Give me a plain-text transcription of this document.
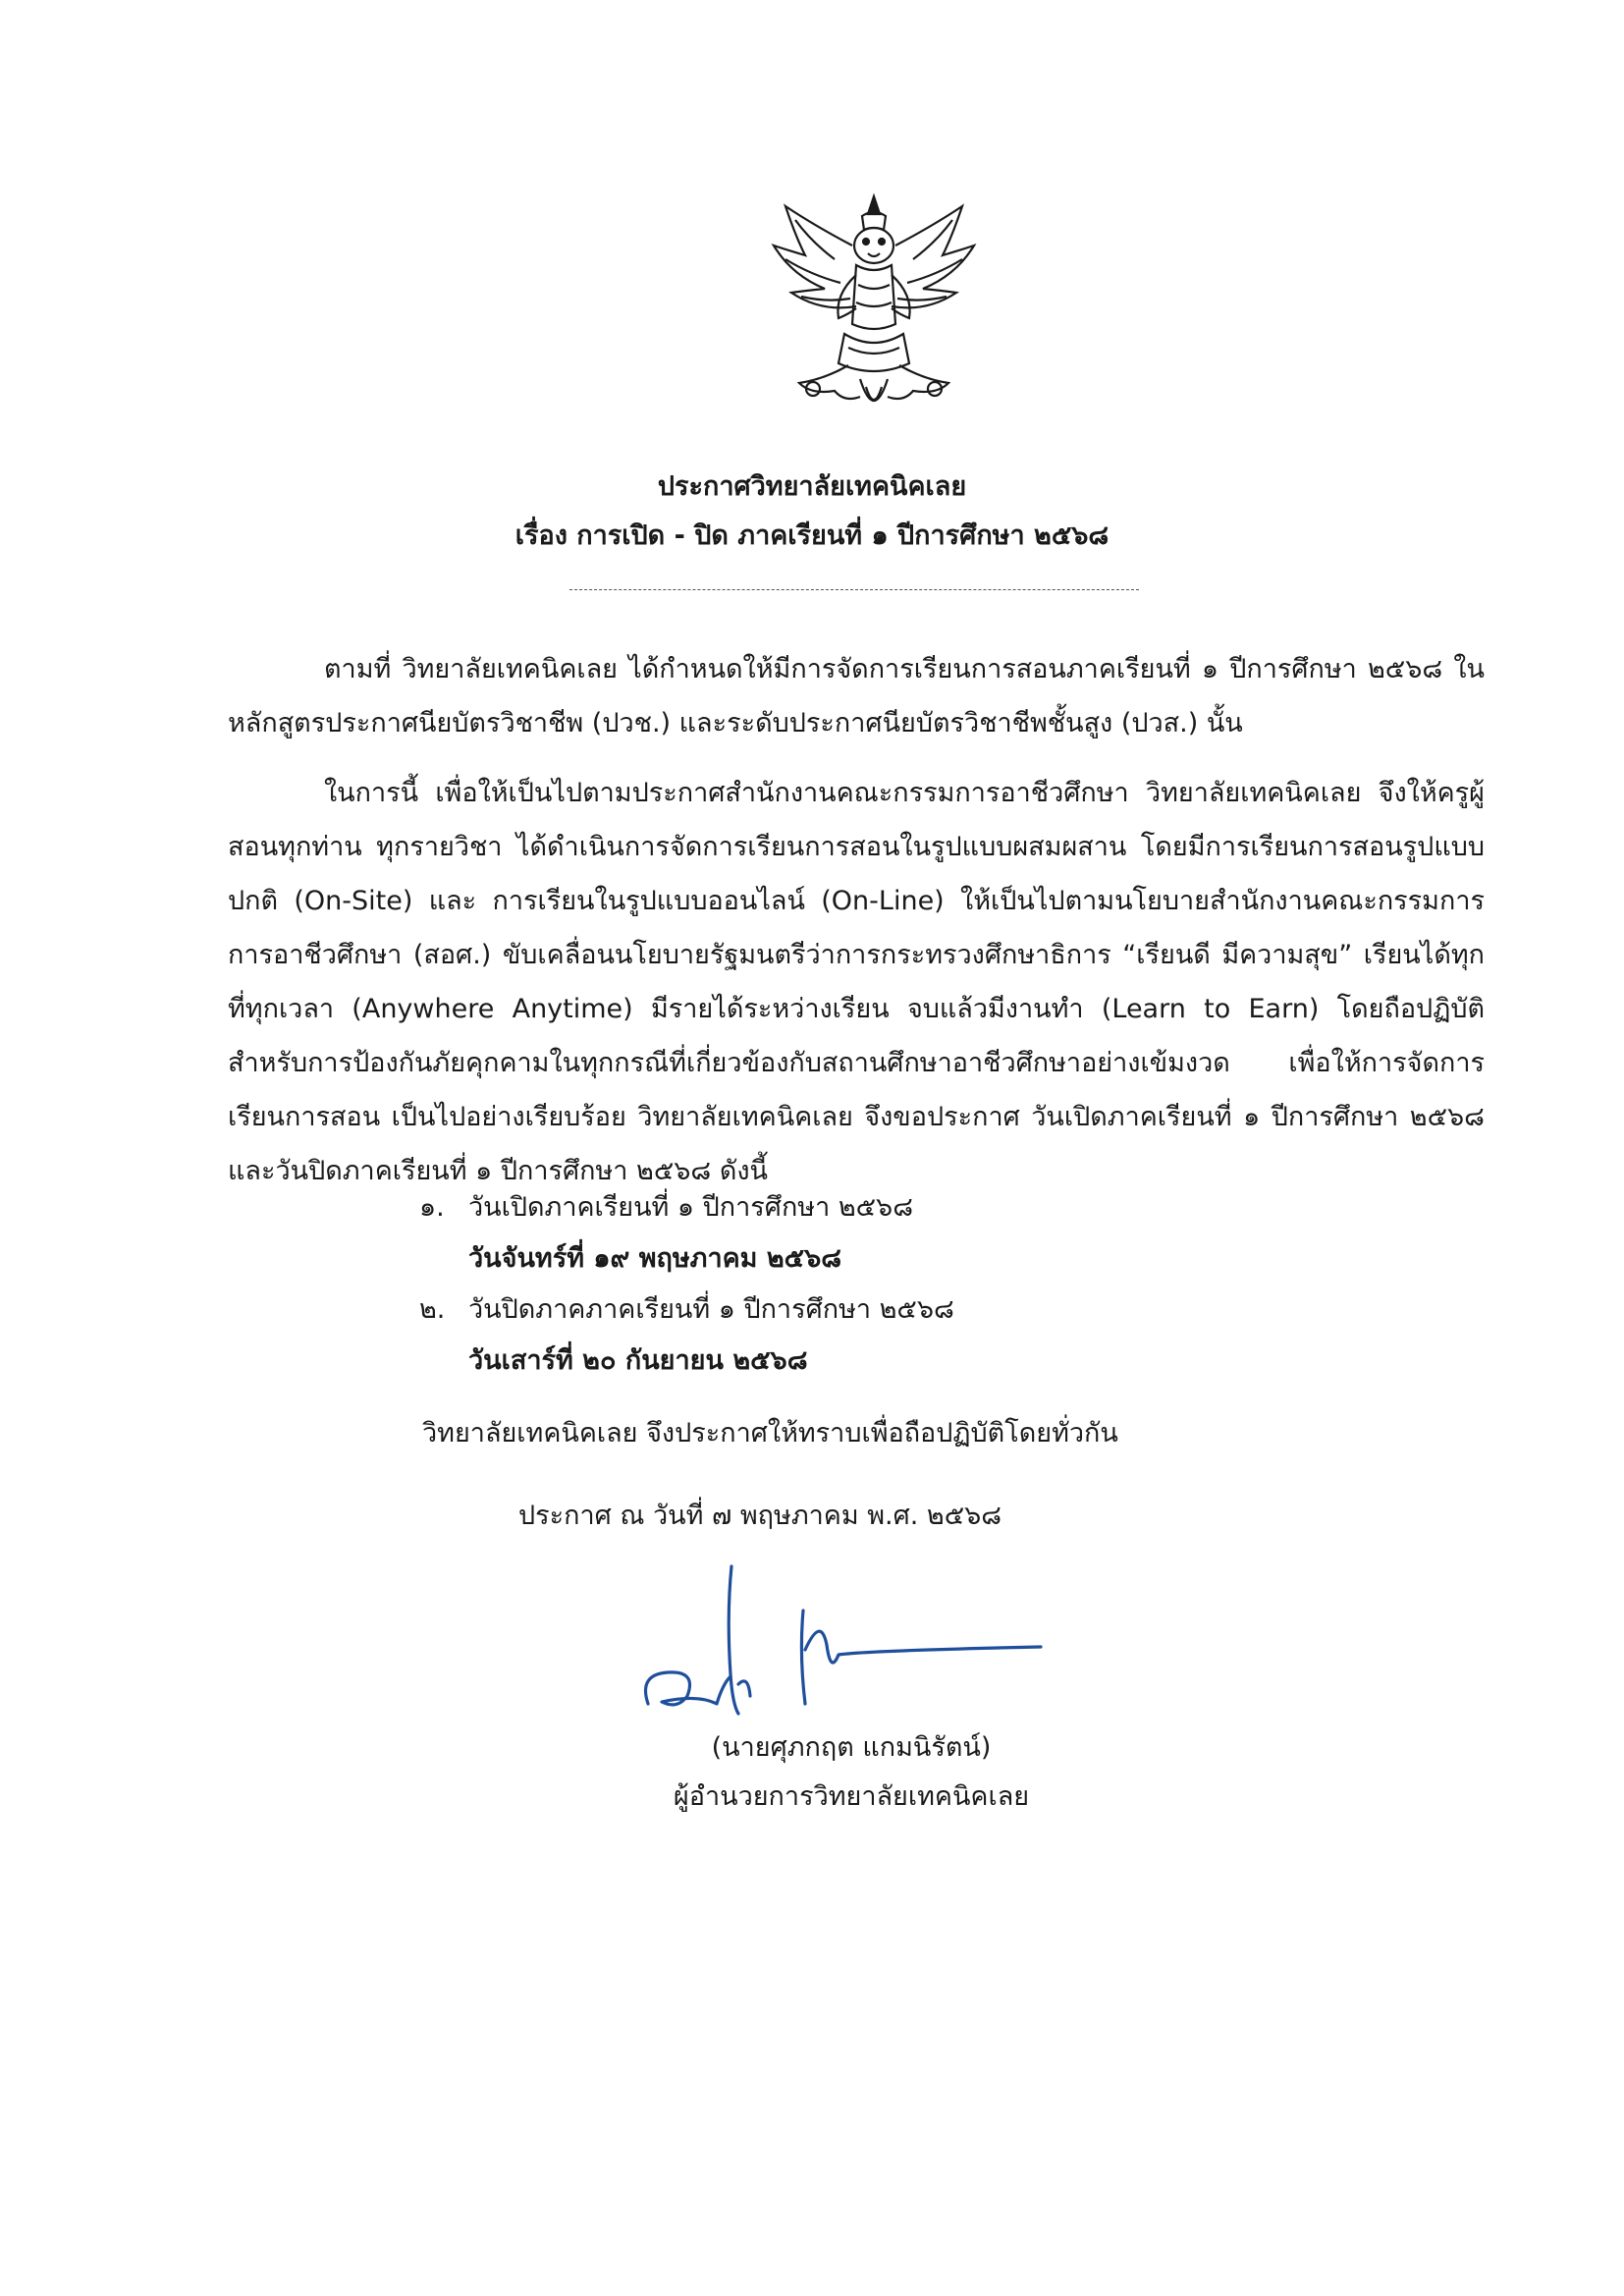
ประกาศวิทยาลัยเทคนิคเลย
เรื่อง การเปิด - ปิด ภาคเรียนที่ ๑ ปีการศึกษา ๒๕๖๘

ตามที่ วิทยาลัยเทคนิคเลย ได้กำหนดให้มีการจัดการเรียนการสอนภาคเรียนที่ ๑ ปีการศึกษา ๒๕๖๘ ในหลักสูตรประกาศนียบัตรวิชาชีพ (ปวช.) และระดับประกาศนียบัตรวิชาชีพชั้นสูง (ปวส.) นั้น

ในการนี้ เพื่อให้เป็นไปตามประกาศสำนักงานคณะกรรมการอาชีวศึกษา วิทยาลัยเทคนิคเลย จึงให้ครูผู้สอนทุกท่าน ทุกรายวิชา ได้ดำเนินการจัดการเรียนการสอนในรูปแบบผสมผสาน โดยมีการเรียนการสอนรูปแบบปกติ (On-Site) และ การเรียนในรูปแบบออนไลน์ (On-Line) ให้เป็นไปตามนโยบายสำนักงานคณะกรรมการการอาชีวศึกษา (สอศ.) ขับเคลื่อนนโยบายรัฐมนตรีว่าการกระทรวงศึกษาธิการ “เรียนดี มีความสุข” เรียนได้ทุกที่ทุกเวลา (Anywhere Anytime) มีรายได้ระหว่างเรียน จบแล้วมีงานทำ (Learn to Earn) โดยถือปฏิบัติสำหรับการป้องกันภัยคุกคามในทุกกรณีที่เกี่ยวข้องกับสถานศึกษาอาชีวศึกษาอย่างเข้มงวด เพื่อให้การจัดการเรียนการสอน เป็นไปอย่างเรียบร้อย วิทยาลัยเทคนิคเลย จึงขอประกาศ วันเปิดภาคเรียนที่ ๑ ปีการศึกษา ๒๕๖๘ และวันปิดภาคเรียนที่ ๑ ปีการศึกษา ๒๕๖๘ ดังนี้

๑. วันเปิดภาคเรียนที่ ๑ ปีการศึกษา ๒๕๖๘
วันจันทร์ที่ ๑๙ พฤษภาคม ๒๕๖๘
๒. วันปิดภาคภาคเรียนที่ ๑ ปีการศึกษา ๒๕๖๘
วันเสาร์ที่ ๒๐ กันยายน ๒๕๖๘
วิทยาลัยเทคนิคเลย จึงประกาศให้ทราบเพื่อถือปฏิบัติโดยทั่วกัน
ประกาศ ณ วันที่ ๗ พฤษภาคม พ.ศ. ๒๕๖๘
(นายศุภกฤต แกมนิรัตน์)
ผู้อำนวยการวิทยาลัยเทคนิคเลย
